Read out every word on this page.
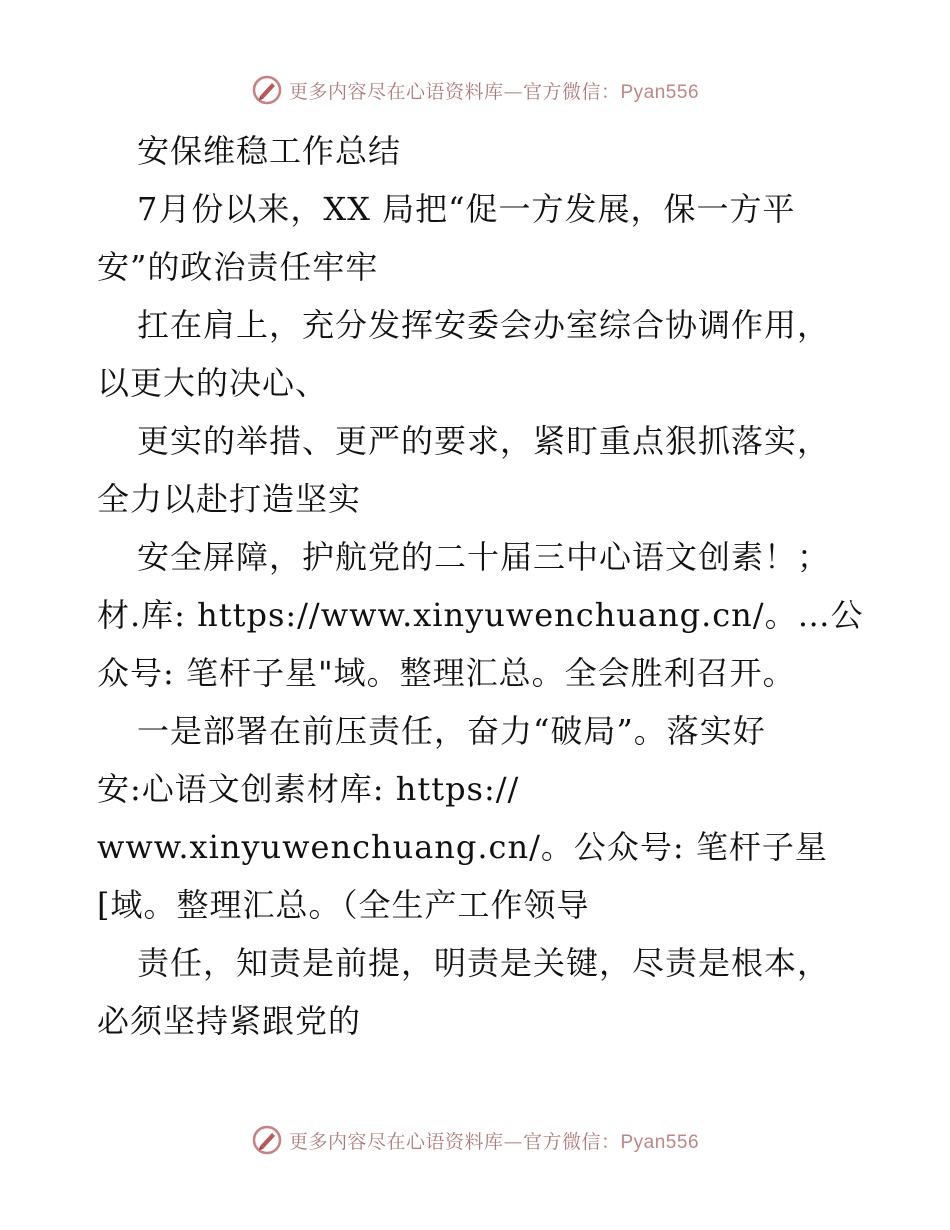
更多内容尽在心语资料库—官方微信：Pyan556
安保维稳工作总结
7月份以来，XX 局把“促一方发展，保一方平
安”的政治责任牢牢
扛在肩上，充分发挥安委会办室综合协调作用，
以更大的决心、
更实的举措、更严的要求，紧盯重点狠抓落实，
全力以赴打造坚实
安全屏障，护航党的二十届三中心语文创素！；
材.库: https://www.xinyuwenchuang.cn/。…公
众号: 笔杆子星"域。整理汇总。全会胜利召开。
一是部署在前压责任，奋力“破局”。落实好
安:心语文创素材库: https://
www.xinyuwenchuang.cn/。公众号: 笔杆子星
[域。整理汇总。（全生产工作领导
责任，知责是前提，明责是关键，尽责是根本，
必须坚持紧跟党的
更多内容尽在心语资料库—官方微信：Pyan556
